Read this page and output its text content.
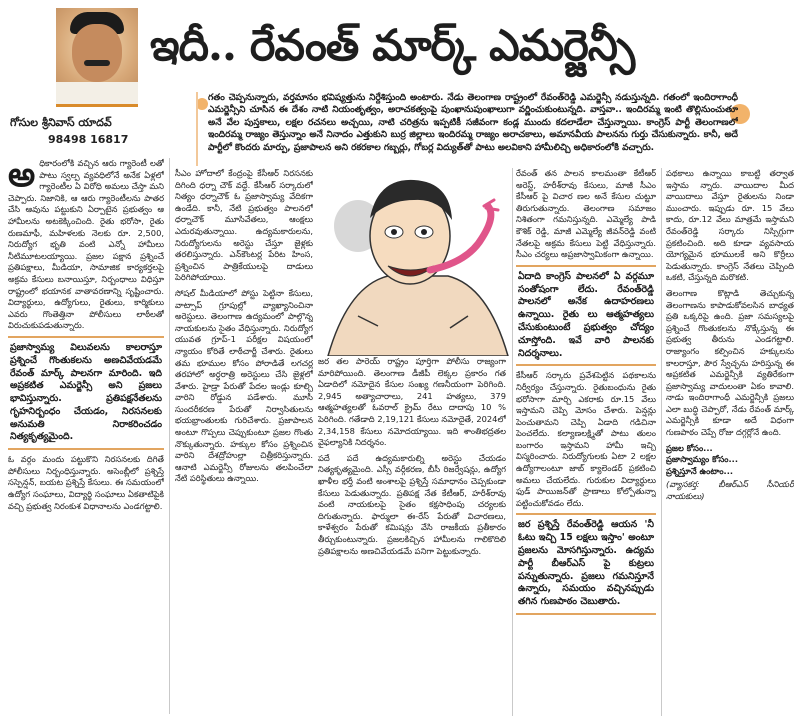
ఇదీ.. రేవంత్ మార్క్ ఎమర్జెన్సీ
గోసుల శ్రీనివాస్ యాదవ్
98498 16817
గతం చెప్పనున్నారు, వర్తమానం భవిష్యత్తును నిర్దేశిస్తుంది అంటారు. నేడు తెలంగాణ రాష్ట్రంలో రేవంత్‌రెడ్డి ఎమర్జెన్సీ నడుస్తున్నది. గతంలో ఇందిరాగాంధీ ఎమర్జెన్సీని చూసిన ఈ దేశం నాటి నియంతృత్వం, అరాచకత్వంపై పుంఖానుపుంఖాలుగా వర్ణించుకుంటున్నది. వాస్తవా.. ఇందిరమ్మ ఇంటి తొల్లినుంచుతూ అనే వేల పుస్తకాలు, లక్షల రచనలు అచ్చయి, నాటి చరిత్రను ఇప్పటికీ సజీవంగా కండ్ల ముందు కదలాడేలా చేస్తున్నాయి. కాంగ్రెస్ పార్టీ తెలంగాణలో ఇందిరమ్మ రాజ్యం తెస్తున్నాం అనే నినాదం ఎత్తుకుని బుర్ర జిల్లాలు ఇందిరమ్మ రాజ్యం అరాచకాలు, అమానవీయ పాలనను గుర్తు చేసుకున్నారు. కానీ, అదే పార్టీలో కొందరు మార్పు, ప్రజాపాలన అని రకరకాల గబ్బర్లు, గోబర్ల విద్యుత్‌తో పాటు అలవికాని హామీలిచ్చి అధికారంలోకి వచ్చారు.

అధికారంలోకి వచ్చిన ఆరు గ్యారెంటీ లతో పాటు స్వల్ప వ్యవధిలోనే అనేక ఏళ్లలో గ్యారెంటీల ఏ విరోధి అమలు చేస్తా మని చెప్పారు. నిజానికి, ఆ ఆరు గ్యారెంటీలను పాతర చేసి ఆవును పట్టుకుని ఏర్పాటైన ప్రభుత్వం ఆ హామీలను అటకెక్కించింది. రైతు భరోసా, రైతు రుణమాఫీ, మహిళలకు నెలకు రూ. 2,500, నిరుద్యోగ భృతి వంటి ఎన్నో హామీలు నీటిమూటలయ్యాయి. ప్రజల పక్షాన ప్రశ్నించే ప్రతిపక్షాలు, మీడియా, సామాజిక కార్యకర్తలపై అక్రమ కేసులు బనాయిస్తూ, నిర్బంధాలు విధిస్తూ రాష్ట్రంలో భయానక వాతావరణాన్ని సృష్టించారు. విద్యార్థులు, ఉద్యోగులు, రైతులు, కార్మికులు ఎవరు గొంతెత్తినా పోలీసులు లాఠీలతో విరుచుకుపడుతున్నారు.

ప్రజాస్వామ్య విలువలను కాలరాస్తూ ప్రశ్నించే గొంతుకలను అణచివేయడమే రేవంత్ మార్క్ పాలనగా మారింది. ఇది అప్రకటిత ఎమర్జెన్సీ అని ప్రజలు భావిస్తున్నారు. ప్రతిపక్షనేతలను గృహనిర్బంధం చేయడం, నిరసనలకు అనుమతి నిరాకరించడం నిత్యకృత్యమైంది.

ఓ వర్గం మందు పట్టుకొని నిరసనలకు దిగితే పోలీసులు నిర్బంధిస్తున్నారు. అసెంబ్లీలో ప్రశ్నిస్తే సస్పెన్షన్, బయట ప్రశ్నిస్తే కేసులు. ఈ సమయంలో ఉద్యోగ సంఘాలు, విద్యార్థి సంఘాలు ఏకతాటిపైకి వచ్చి ప్రభుత్వ నిరంకుశ విధానాలను ఎండగట్టాలి.

సీఎం హోదాలో కేంద్రంపై కేసీఆర్ నిరసనకు దిగింది ధర్నా చౌక్ వద్దే. కేసీఆర్ సర్కారులో నిత్యం ధర్నాచౌక్ ఓ ప్రజాస్వామ్య వేదికగా ఉండేది. కానీ, నేటి ప్రభుత్వం పాలనలో ధర్నాచౌక్ మూసివేతలు, ఆంక్షలు ఎదురవుతున్నాయి. ఉద్యమకారులను, నిరుద్యోగులను అరెస్టు చేస్తూ జైళ్లకు తరలిస్తున్నారు. ఎన్‌కౌంటర్ల పేరిట హింస, ప్రశ్నించిన పాత్రికేయులపై దాడులు పెరిగిపోయాయి.

సోషల్ మీడియాలో పోస్టు పెట్టినా కేసులు, వాట్సాప్ గ్రూపుల్లో వ్యాఖ్యానించినా అరెస్టులు. తెలంగాణ ఉద్యమంలో పాల్గొన్న నాయకులను సైతం వేధిస్తున్నారు. నిరుద్యోగ యువత గ్రూప్-1 పరీక్షల విషయంలో న్యాయం కోరితే లాఠీచార్జీ చేశారు. రైతులు తమ భూముల కోసం పోరాడితే లగచర్ల తరహాలో అర్ధరాత్రి అరెస్టులు చేసి జైళ్లలో వేశారు. హైడ్రా పేరుతో పేదల ఇండ్లు కూల్చి వారిని రోడ్డున పడేశారు. మూసీ సుందరీకరణ పేరుతో నిర్వాసితులను భయభ్రాంతులకు గురిచేశారు. ప్రజాపాలన అంటూ గొప్పలు చెప్పుకుంటూ ప్రజల గొంతు నొక్కుతున్నారు. హక్కుల కోసం ప్రశ్నించిన వారిని దేశద్రోహుల్లా చిత్రీకరిస్తున్నారు. ఆనాటి ఎమర్జెన్సీ రోజులను తలపించేలా నేటి పరిస్థితులు ఉన్నాయి.

జర తల పారెయ్ రాష్ట్రం పూర్తిగా పోలీసు రాజ్యంగా మారిపోయింది. తెలంగాణ డీజీపీ లెక్కల ప్రకారం గత ఏడాదిలో నమోదైన కేసుల సంఖ్య గణనీయంగా పెరిగింది. 2,945 అత్యాచారాలు, 241 హత్యలు, 379 ఆత్మహత్యలతో ఓవరాల్ క్రైమ్ రేటు దాదాపు 10 % పెరిగింది. గతేడాది 2,19,121 కేసులు నమోదైతే, 2024లో 2,34,158 కేసులు నమోదయ్యాయి. ఇది శాంతిభద్రతల వైఫల్యానికి నిదర్శనం.

పదే పదే ఉద్యమకారుల్ని అరెస్టు చేయడం నిత్యకృత్యమైంది. ఎస్సీ వర్గీకరణ, బీసీ రిజర్వేషన్లు, ఉద్యోగ ఖాళీల భర్తీ వంటి అంశాలపై ప్రశ్నిస్తే సమాధానం చెప్పకుండా కేసులు పెడుతున్నారు. ప్రతిపక్ష నేత కేటీఆర్, హరీశ్‌రావు వంటి నాయకులపై సైతం కక్షసాధింపు చర్యలకు దిగుతున్నారు. ఫార్ములా ఈ-రేస్ పేరుతో విచారణలు, కాళేశ్వరం పేరుతో కమిషన్లు వేసి రాజకీయ ప్రతీకారం తీర్చుకుంటున్నారు. ప్రజలకిచ్చిన హామీలను గాలికొదిలి ప్రతిపక్షాలను అణచివేయడమే పనిగా పెట్టుకున్నారు.

రేవంత్ తన పాలన కాలమంతా కేటీఆర్ అరెస్ట్, హరీశ్‌రావు కేసులు, మాజీ సీఎం కేసీఆర్ పై విచార ణల అనే కేసుల చుట్టూ తిరుగుతున్నారు. తెలంగాణ సమాజం నిశితంగా గమనిస్తున్నది. ఎమ్మెల్యే పాడి కౌశిక్ రెడ్డి, మాజీ ఎమ్మెల్యే జీవన్‌రెడ్డి వంటి నేతలపై అక్రమ కేసులు పెట్టి వేధిస్తున్నారు. సీఎం చర్యలు అప్రజాస్వామికంగా ఉన్నాయి.

ఏదాది కాంగ్రెస్ పాలనలో ఏ వర్గమూ సంతోషంగా లేదు. రేవంత్‌రెడ్డి పాలనలో అనేక ఉదాహరణలు ఉన్నాయి. రైతు లు ఆత్మహత్యలు చేసుకుంటుంటే ప్రభుత్వం చోద్యం చూస్తోంది. ఇవే వారి పాలనకు నిదర్శనాలు.

కేసీఆర్ సర్కారు ప్రవేశపెట్టిన పథకాలను నిర్వీర్యం చేస్తున్నారు. రైతుబంధును రైతు భరోసాగా మార్చి ఎకరాకు రూ.15 వేలు ఇస్తామని చెప్పి మోసం చేశారు. పెన్షన్లు పెంచుతామని చెప్పి ఏడాది గడిచినా పెంచలేదు. కల్యాణలక్ష్మితో పాటు తులం బంగారం ఇస్తామని హామీ ఇచ్చి విస్మరించారు. నిరుద్యోగులకు ఏటా 2 లక్షల ఉద్యోగాలంటూ జాబ్ క్యాలెండర్ ప్రకటించి అమలు చేయలేదు. గురుకుల విద్యార్థులు ఫుడ్ పాయిజన్‌తో ప్రాణాలు కోల్పోతున్నా పట్టించుకోవడం లేదు.

జర ప్రశ్నిస్తే రేవంత్‌రెడ్డి ఆయన 'నీ ఓటు ఇచ్చి 15 లక్షలు ఇస్తాం' అంటూ ప్రజలను మోసగిస్తున్నారు. ఉద్యమ పార్టీ బీఆర్‌ఎస్ పై కుట్రలు పన్నుతున్నారు. ప్రజలు గమనిస్తూనే ఉన్నారు, సమయం వచ్చినప్పుడు తగిన గుణపాఠం చెబుతారు.

పథకాలు ఉన్నాయి కాబట్టి తర్వాత ఇస్తామ న్నారు. వాయిదాల మీద వాయిదాలు వేస్తూ రైతులను నిండా ముంచారు. ఇప్పుడు రూ. 15 వేలు కాదు, రూ.12 వేలు మాత్రమే ఇస్తామని రేవంత్‌రెడ్డి సర్కారు నిస్సిగ్గుగా ప్రకటించింది. అది కూడా వ్యవసాయ యోగ్యమైన భూములకే అని కొర్రీలు పెడుతున్నారు. కాంగ్రెస్ నేతలు చెప్పింది ఒకటి, చేస్తున్నది మరొకటి.

తెలంగాణ కొట్లాడి తెచ్చుకున్న తెలంగాణను కాపాడుకోవలసిన బాధ్యత ప్రతి ఒక్కరిపై ఉంది. ప్రజా సమస్యలపై ప్రశ్నించే గొంతుకలను నొక్కేస్తున్న ఈ ప్రభుత్వ తీరును ఎండగట్టాలి. రాజ్యాంగం కల్పించిన హక్కులను కాలరాస్తూ, పౌర స్వేచ్ఛను హరిస్తున్న ఈ అప్రకటిత ఎమర్జెన్సీకి వ్యతిరేకంగా ప్రజాస్వామ్య వాదులంతా ఏకం కావాలి. నాడు ఇందిరాగాంధీ ఎమర్జెన్సీకి ప్రజలు ఎలా బుద్ధి చెప్పారో, నేడు రేవంత్ మార్క్ ఎమర్జెన్సీకి కూడా అదే విధంగా గుణపాఠం చెప్పే రోజు దగ్గర్లోనే ఉంది.

ప్రజల కోసం...

ప్రజాస్వామ్యం కోసం...

ప్రశ్నిస్తూనే ఉంటాం...

(వ్యాసకర్త: బీఆర్‌ఎస్ సీనియర్ నాయకులు)
